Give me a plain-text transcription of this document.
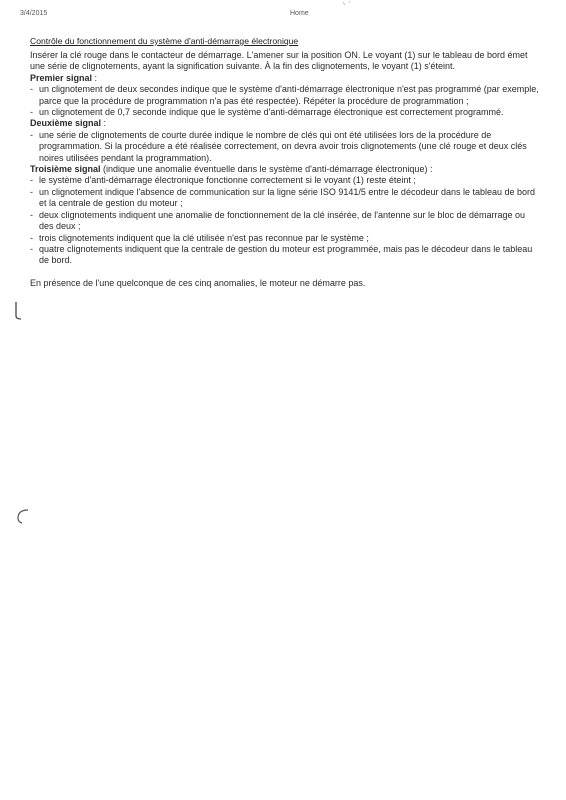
3/4/2015	Home
Contrôle du fonctionnement du système d'anti-démarrage électronique

Insérer la clé rouge dans le contacteur de démarrage. L'amener sur la position ON. Le voyant (1) sur le tableau de bord émet une série de clignotements, ayant la signification suivante. À la fin des clignotements, le voyant (1) s'éteint.

Premier signal :
- un clignotement de deux secondes indique que le système d'anti-démarrage électronique n'est pas programmé (par exemple, parce que la procédure de programmation n'a pas été respectée). Répéter la procédure de programmation ;
- un clignotement de 0,7 seconde indique que le système d'anti-démarrage électronique est correctement programmé.
Deuxième signal :
- une série de clignotements de courte durée indique le nombre de clés qui ont été utilisées lors de la procédure de programmation. Si la procédure a été réalisée correctement, on devra avoir trois clignotements (une clé rouge et deux clés noires utilisées pendant la programmation).
Troisième signal (indique une anomalie éventuelle dans le système d'anti-démarrage électronique) :
- le système d'anti-démarrage électronique fonctionne correctement si le voyant (1) reste éteint ;
- un clignotement indique l'absence de communication sur la ligne série ISO 9141/5 entre le décodeur dans le tableau de bord et la centrale de gestion du moteur ;
- deux clignotements indiquent une anomalie de fonctionnement de la clé insérée, de l'antenne sur le bloc de démarrage ou des deux ;
- trois clignotements indiquent que la clé utilisée n'est pas reconnue par le système ;
- quatre clignotements indiquent que la centrale de gestion du moteur est programmée, mais pas le décodeur dans le tableau de bord.

En présence de l'une quelconque de ces cinq anomalies, le moteur ne démarre pas.
